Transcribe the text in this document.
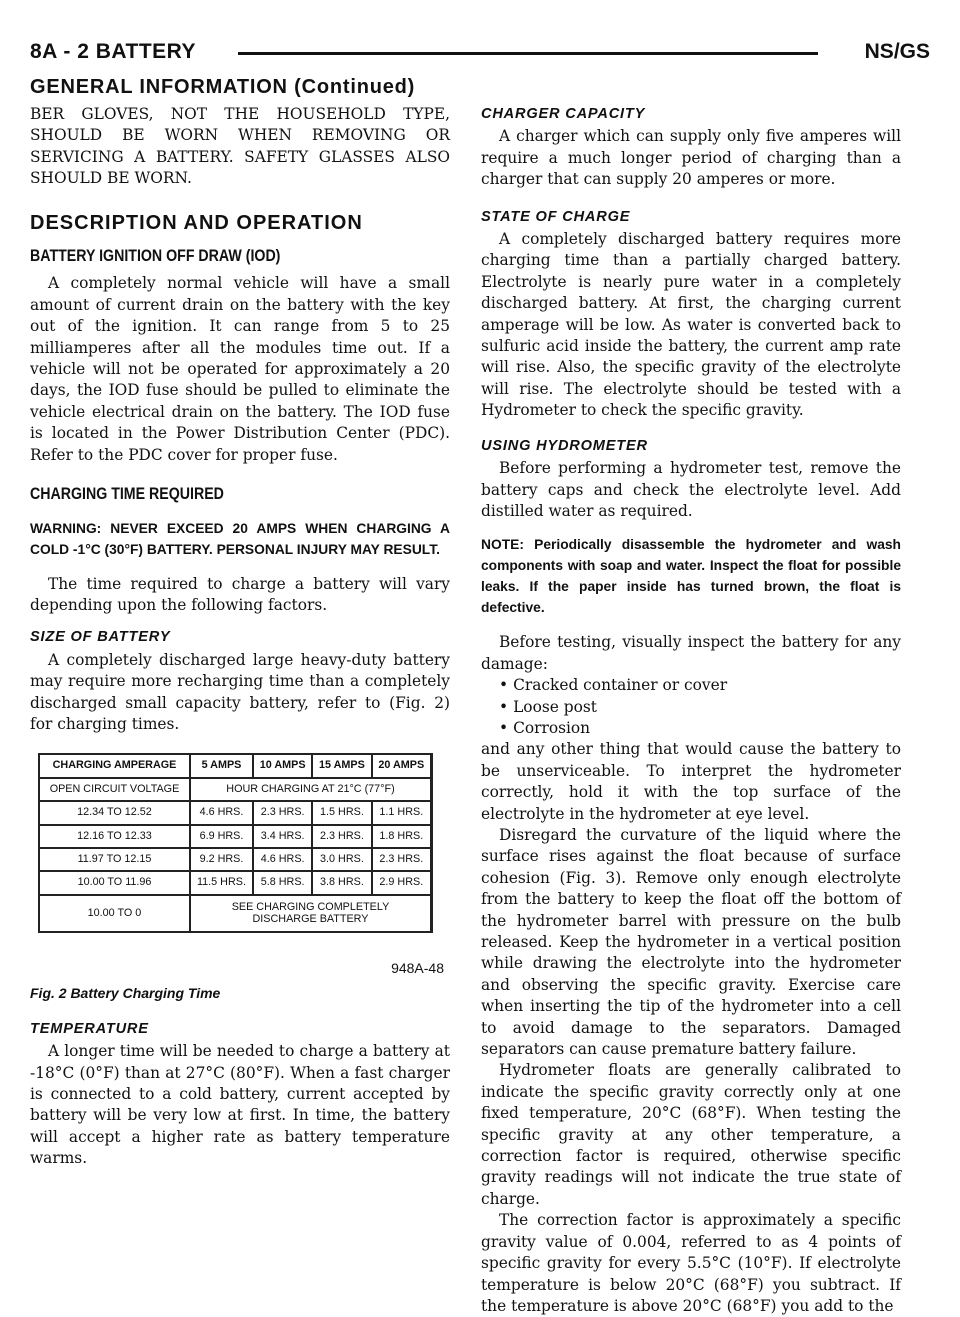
8A - 2 BATTERY	NS/GS
GENERAL INFORMATION (Continued)

BER GLOVES, NOT THE HOUSEHOLD TYPE, SHOULD BE WORN WHEN REMOVING OR SERVICING A BATTERY. SAFETY GLASSES ALSO SHOULD BE WORN.

DESCRIPTION AND OPERATION
BATTERY IGNITION OFF DRAW (IOD)

A completely normal vehicle will have a small amount of current drain on the battery with the key out of the ignition. It can range from 5 to 25 milliamperes after all the modules time out. If a vehicle will not be operated for approximately a 20 days, the IOD fuse should be pulled to eliminate the vehicle electrical drain on the battery. The IOD fuse is located in the Power Distribution Center (PDC). Refer to the PDC cover for proper fuse.

CHARGING TIME REQUIRED
WARNING: NEVER EXCEED 20 AMPS WHEN CHARGING A COLD -1°C (30°F) BATTERY. PERSONAL INJURY MAY RESULT.

The time required to charge a battery will vary depending upon the following factors.

SIZE OF BATTERY

A completely discharged large heavy-duty battery may require more recharging time than a completely discharged small capacity battery, refer to (Fig. 2) for charging times.

CHARGING AMPERAGE	5 AMPS	10 AMPS	15 AMPS	20 AMPS
OPEN CIRCUIT VOLTAGE	HOUR CHARGING AT 21°C (77°F)			
12.34 TO 12.52	4.6 HRS.	2.3 HRS.	1.5 HRS.	1.1 HRS.
12.16 TO 12.33	6.9 HRS.	3.4 HRS.	2.3 HRS.	1.8 HRS.
11.97 TO 12.15	9.2 HRS.	4.6 HRS.	3.0 HRS.	2.3 HRS.
10.00 TO 11.96	11.5 HRS.	5.8 HRS.	3.8 HRS.	2.9 HRS.
10.00 TO 0	SEE CHARGING COMPLETELY
DISCHARGE BATTERY			
948A-48
Fig. 2 Battery Charging Time
TEMPERATURE

A longer time will be needed to charge a battery at -18°C (0°F) than at 27°C (80°F). When a fast charger is connected to a cold battery, current accepted by battery will be very low at first. In time, the battery will accept a higher rate as battery temperature warms.

CHARGER CAPACITY

A charger which can supply only five amperes will require a much longer period of charging than a charger that can supply 20 amperes or more.

STATE OF CHARGE

A completely discharged battery requires more charging time than a partially charged battery. Electrolyte is nearly pure water in a completely discharged battery. At first, the charging current amperage will be low. As water is converted back to sulfuric acid inside the battery, the current amp rate will rise. Also, the specific gravity of the electrolyte will rise. The electrolyte should be tested with a Hydrometer to check the specific gravity.

USING HYDROMETER

Before performing a hydrometer test, remove the battery caps and check the electrolyte level. Add distilled water as required.

NOTE: Periodically disassemble the hydrometer and wash components with soap and water. Inspect the float for possible leaks. If the paper inside has turned brown, the float is defective.

Before testing, visually inspect the battery for any damage:

• Cracked container or cover
• Loose post
• Corrosion

and any other thing that would cause the battery to be unserviceable. To interpret the hydrometer correctly, hold it with the top surface of the electrolyte in the hydrometer at eye level.

Disregard the curvature of the liquid where the surface rises against the float because of surface cohesion (Fig. 3). Remove only enough electrolyte from the battery to keep the float off the bottom of the hydrometer barrel with pressure on the bulb released. Keep the hydrometer in a vertical position while drawing the electrolyte into the hydrometer and observing the specific gravity. Exercise care when inserting the tip of the hydrometer into a cell to avoid damage to the separators. Damaged separators can cause premature battery failure.

Hydrometer floats are generally calibrated to indicate the specific gravity correctly only at one fixed temperature, 20°C (68°F). When testing the specific gravity at any other temperature, a correction factor is required, otherwise specific gravity readings will not indicate the true state of charge.

The correction factor is approximately a specific gravity value of 0.004, referred to as 4 points of specific gravity for every 5.5°C (10°F). If electrolyte temperature is below 20°C (68°F) you subtract. If the temperature is above 20°C (68°F) you add to the
